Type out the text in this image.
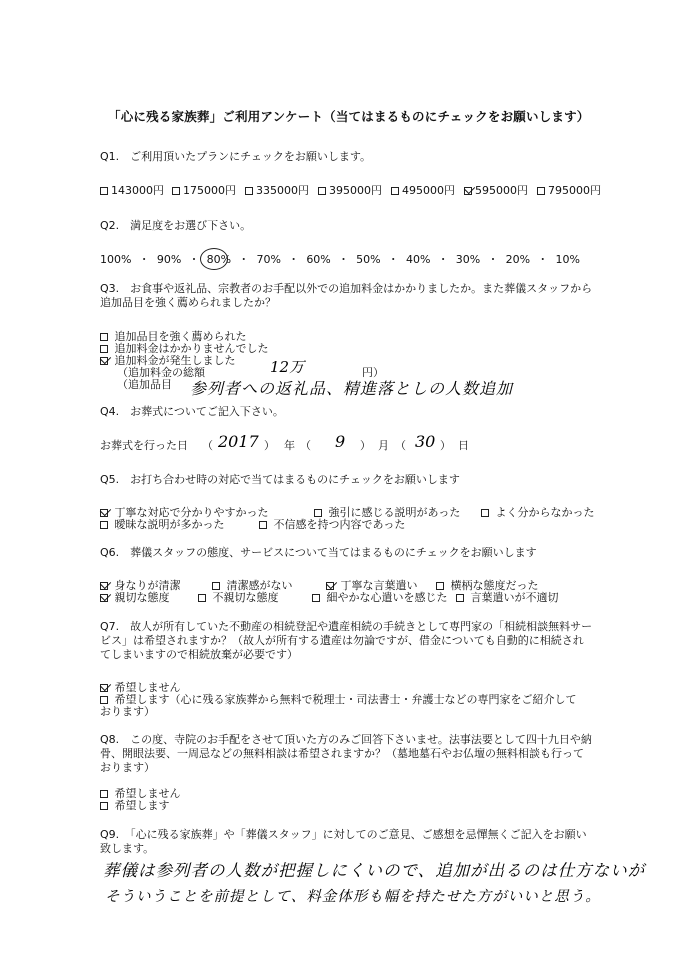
「心に残る家族葬」ご利用アンケート（当てはまるものにチェックをお願いします）
Q1.　ご利用頂いたプランにチェックをお願いします。
143000円	175000円	335000円	395000円	495000円	595000円	795000円
Q2.　満足度をお選び下さい。
100% ・ 90% ・ 80% ・ 70% ・ 60% ・ 50% ・ 40% ・ 30% ・ 20% ・ 10%
Q3.　お食事や返礼品、宗教者のお手配以外での追加料金はかかりましたか。また葬儀スタッフから
追加品目を強く薦められましたか？
追加品目を強く薦められた
追加料金はかかりませんでした
追加料金が発生しました
（追加料金の総額	12万	円）
（追加品目 参列者への返礼品、精進落としの人数追加
Q4.　お葬式についてご記入下さい。
お葬式を行った日 （ 2017 ） 年 （ 9 ） 月 （ 30 ） 日
Q5.　お打ち合わせ時の対応で当てはまるものにチェックをお願いします
丁寧な対応で分かりやすかった	強引に感じる説明があった	よく分からなかった
曖昧な説明が多かった	不信感を持つ内容であった
Q6.　葬儀スタッフの態度、サービスについて当てはまるものにチェックをお願いします
身なりが清潔	清潔感がない	丁寧な言葉遣い	横柄な態度だった
親切な態度	不親切な態度	細やかな心遣いを感じた	言葉遣いが不適切
Q7.　故人が所有していた不動産の相続登記や遺産相続の手続きとして専門家の「相続相談無料サー
ビス」は希望されますか？（故人が所有する遺産は勿論ですが、借金についても自動的に相続され
てしまいますので相続放棄が必要です）
希望しません
希望します（心に残る家族葬から無料で税理士・司法書士・弁護士などの専門家をご紹介して
おります）
Q8.　この度、寺院のお手配をさせて頂いた方のみご回答下さいませ。法事法要として四十九日や納
骨、開眼法要、一周忌などの無料相談は希望されますか？（墓地墓石やお仏壇の無料相談も行って
おります）
希望しません
希望します
Q9.　「心に残る家族葬」や「葬儀スタッフ」に対してのご意見、ご感想を忌憚無くご記入をお願い
致します。
葬儀は参列者の人数が把握しにくいので、追加が出るのは仕方ないが
そういうことを前提として、料金体形も幅を持たせた方がいいと思う。
